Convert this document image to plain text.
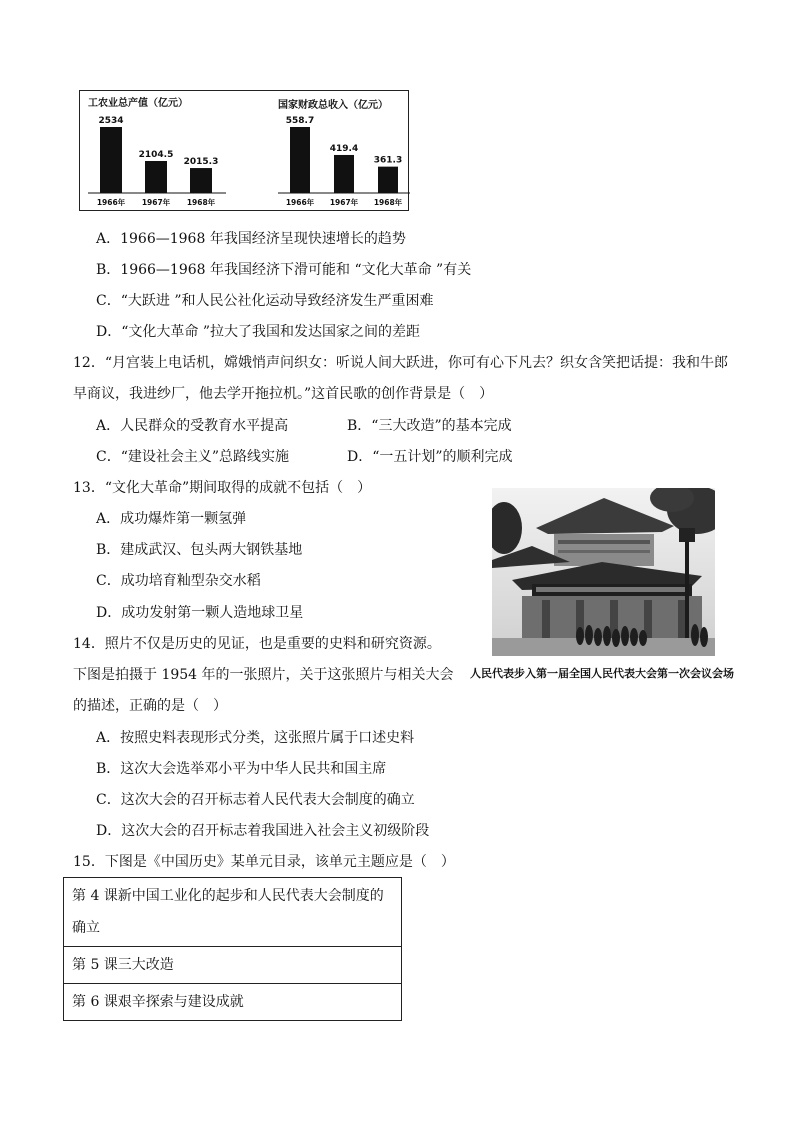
工农业总产值（亿元）
2534
1966年
2104.5
1967年
2015.3
1968年
国家财政总收入（亿元）
558.7
1966年
419.4
1967年
361.3
1968年
A．1966—1968 年我国经济呈现快速增长的趋势
B．1966—1968 年我国经济下滑可能和 “文化大革命 ”有关
C．“大跃进 ”和人民公社化运动导致经济发生严重困难
D．“文化大革命 ”拉大了我国和发达国家之间的差距
12．“月宫装上电话机，嫦娥悄声问织女：听说人间大跃进，你可有心下凡去？织女含笑把话提：我和牛郎
早商议，我进纱厂，他去学开拖拉机。”这首民歌的创作背景是（　）
A．人民群众的受教育水平提高	B．“三大改造”的基本完成
C．“建设社会主义”总路线实施	D．“一五计划”的顺利完成
13．“文化大革命”期间取得的成就不包括（　）
A．成功爆炸第一颗氢弹
B．建成武汉、包头两大钢铁基地
C．成功培育籼型杂交水稻
D．成功发射第一颗人造地球卫星
人民代表步入第一届全国人民代表大会第一次会议会场
14．照片不仅是历史的见证，也是重要的史料和研究资源。
下图是拍摄于 1954 年的一张照片，关于这张照片与相关大会
的描述，正确的是（　）
A．按照史料表现形式分类，这张照片属于口述史料
B．这次大会选举邓小平为中华人民共和国主席
C．这次大会的召开标志着人民代表大会制度的确立
D．这次大会的召开标志着我国进入社会主义初级阶段
15．下图是《中国历史》某单元目录，该单元主题应是（　）
第 4 课新中国工业化的起步和人民代表大会制度的确立
第 5 课三大改造
第 6 课艰辛探索与建设成就
